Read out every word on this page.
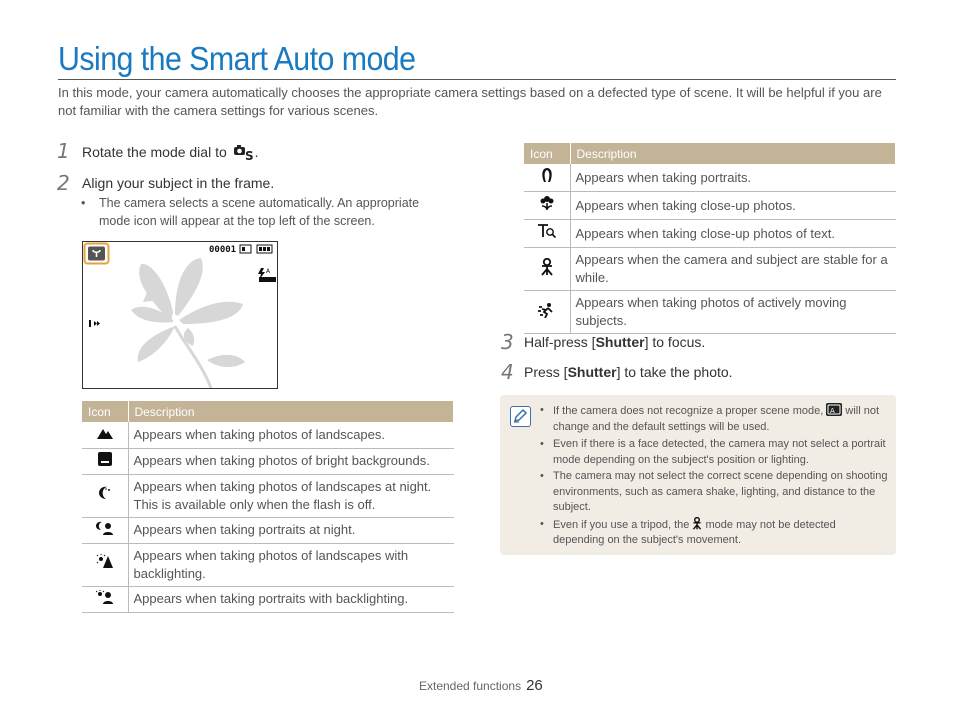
Using the Smart Auto mode

In this mode, your camera automatically chooses the appropriate camera settings based on a defected type of scene. It will be helpful if you are not familiar with the camera settings for various scenes.

1 Rotate the mode dial to S .
2 Align your subject in the frame.
• The camera selects a scene automatically. An appropriate mode icon will appear at the top left of the screen.
00001
A
Icon	Description
	Appears when taking photos of landscapes.
	Appears when taking photos of bright backgrounds.
	Appears when taking photos of landscapes at night. This is available only when the flash is off.
	Appears when taking portraits at night.
	Appears when taking photos of landscapes with backlighting.
	Appears when taking portraits with backlighting.
Icon	Description
	Appears when taking portraits.
	Appears when taking close-up photos.
	Appears when taking close-up photos of text.
	Appears when the camera and subject are stable for a while.
	Appears when taking photos of actively moving subjects.
3 Half-press [Shutter] to focus.
4 Press [Shutter] to take the photo.
• If the camera does not recognize a proper scene mode, A will not change and the default settings will be used.
• Even if there is a face detected, the camera may not select a portrait mode depending on the subject's position or lighting.
• The camera may not select the correct scene depending on shooting environments, such as camera shake, lighting, and distance to the subject.
• Even if you use a tripod, the mode may not be detected depending on the subject's movement.
Extended functions 26
